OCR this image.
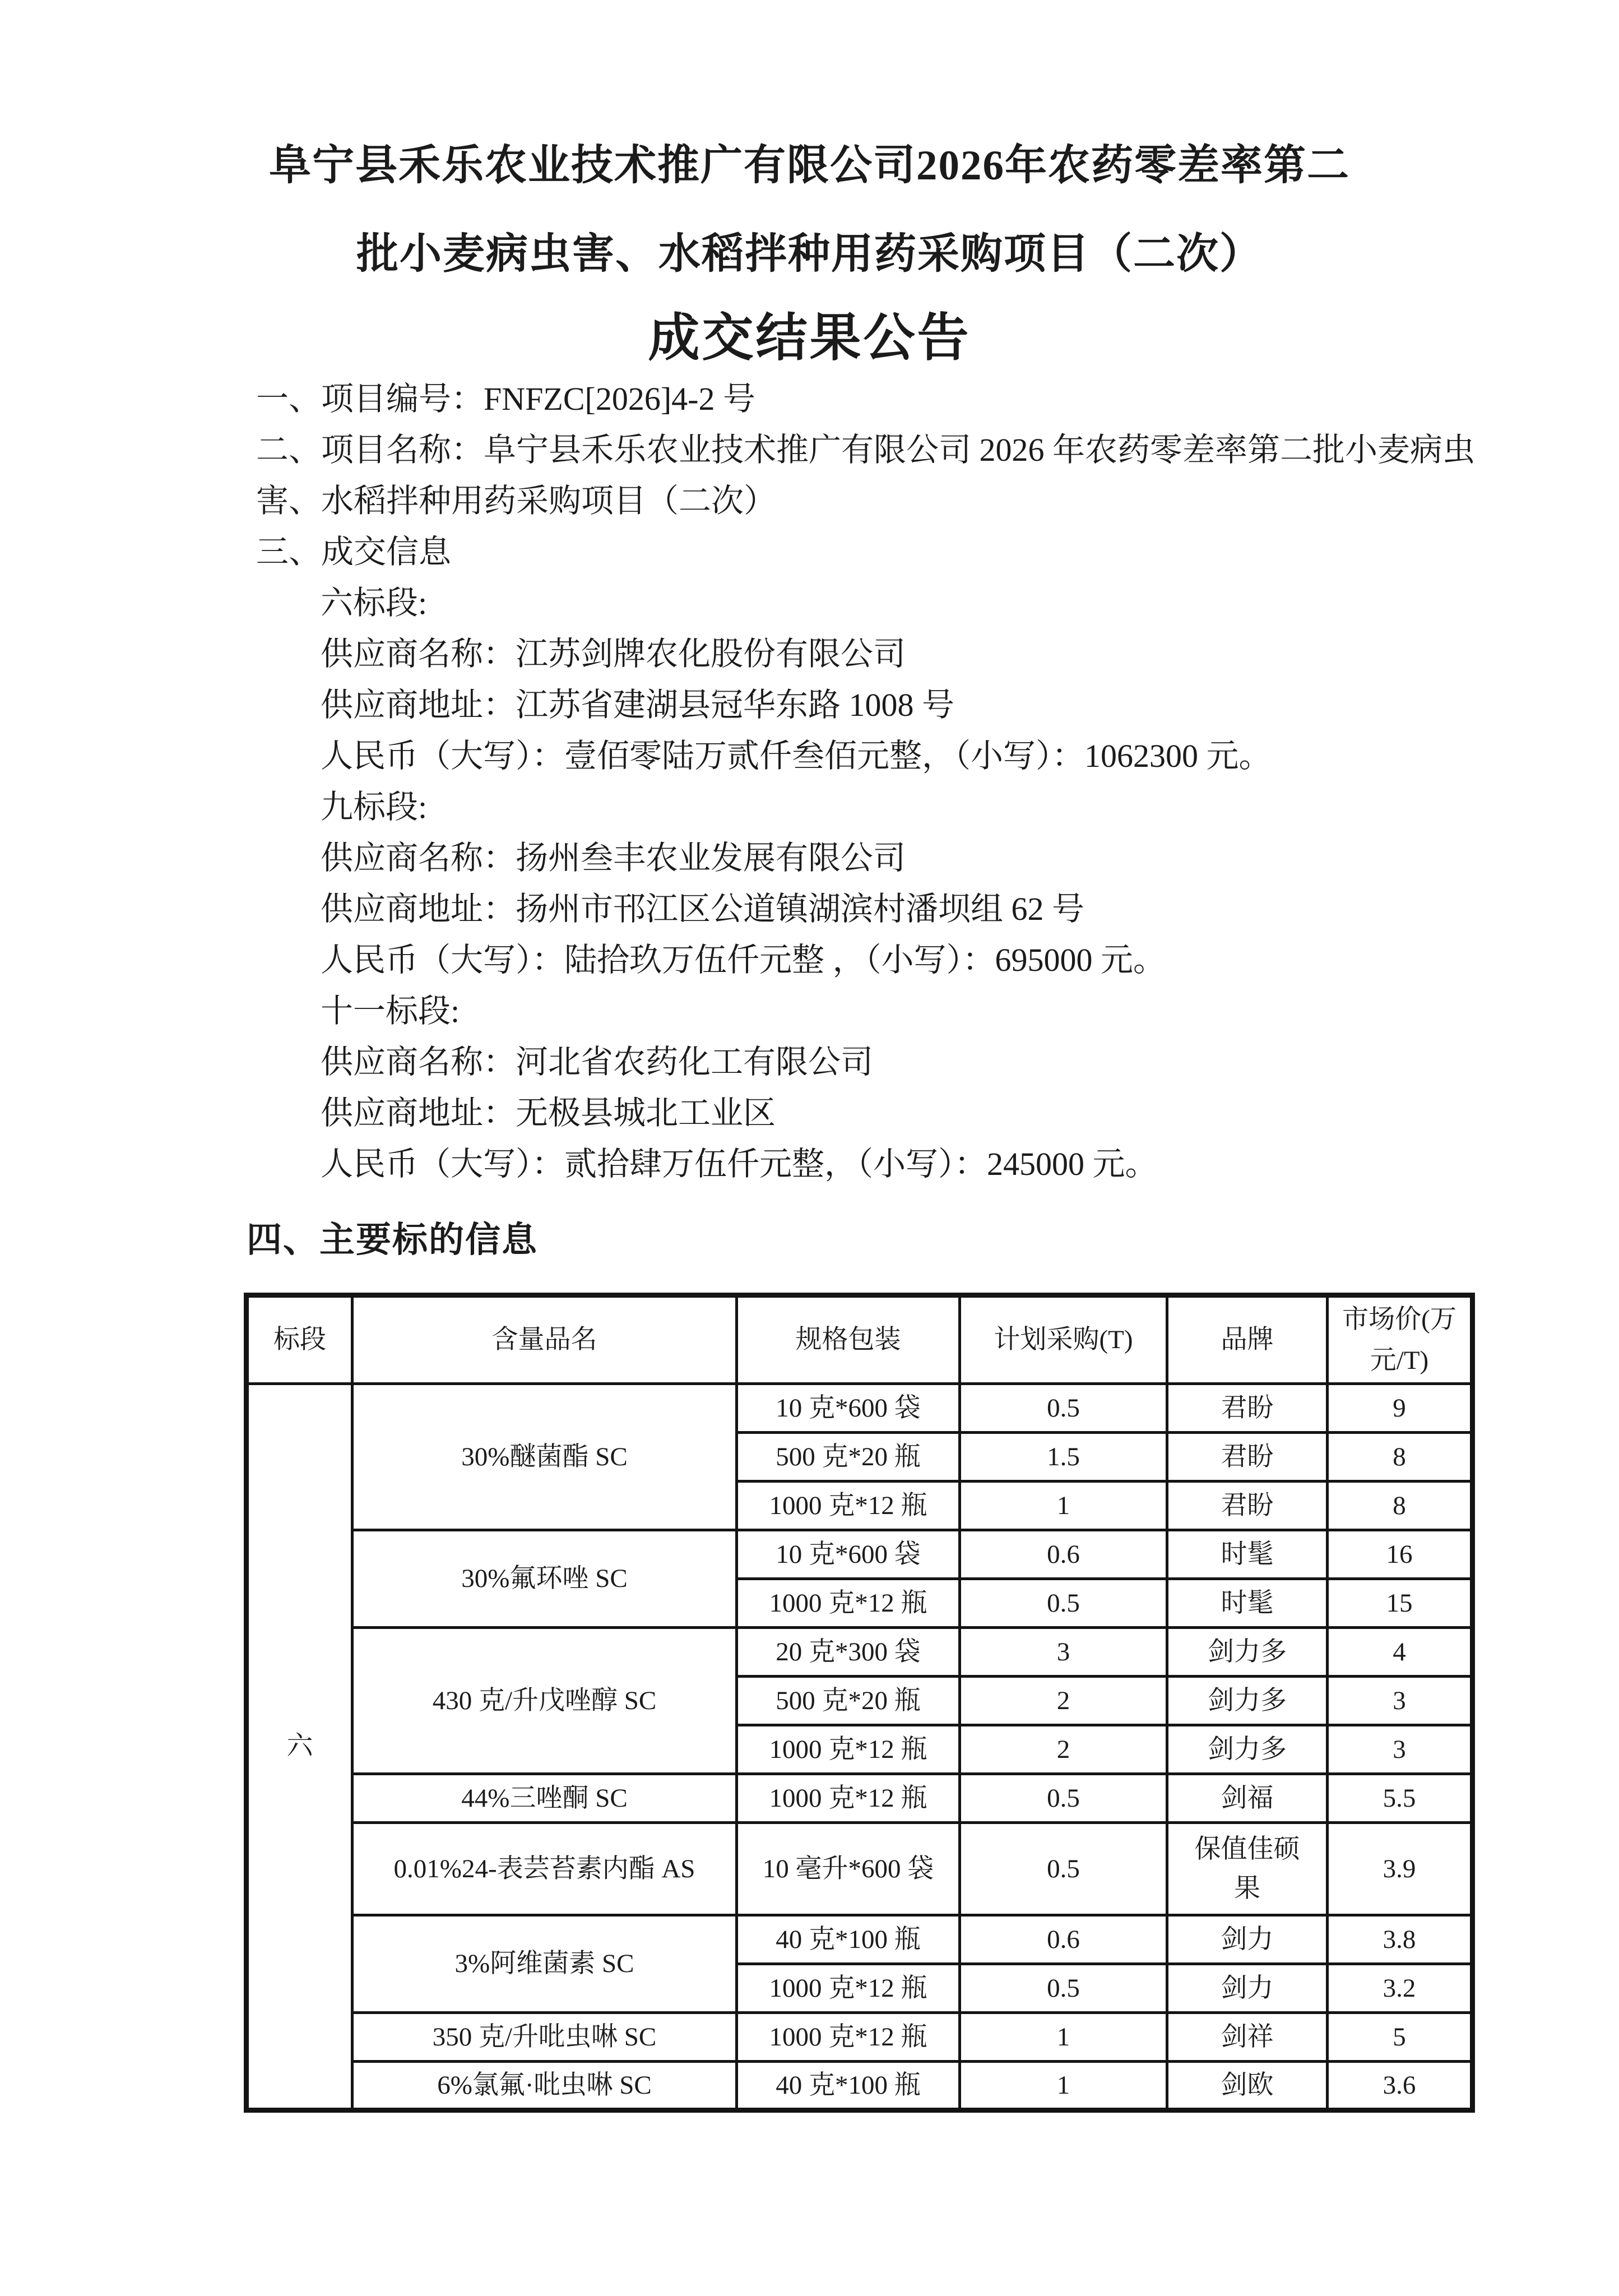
阜宁县禾乐农业技术推广有限公司2026年农药零差率第二
批小麦病虫害、水稻拌种用药采购项目（二次）
成交结果公告

一、项目编号：FNFZC[2026]4-2 号

二、项目名称：阜宁县禾乐农业技术推广有限公司 2026 年农药零差率第二批小麦病虫

害、水稻拌种用药采购项目（二次）

三、成交信息

六标段:

供应商名称：江苏剑牌农化股份有限公司

供应商地址：江苏省建湖县冠华东路 1008 号

人民币（大写）：壹佰零陆万贰仟叁佰元整，（小写）：1062300 元。

九标段:

供应商名称：扬州叁丰农业发展有限公司

供应商地址：扬州市邗江区公道镇湖滨村潘坝组 62 号

人民币（大写）：陆拾玖万伍仟元整 ，（小写）：695000 元。

十一标段:

供应商名称：河北省农药化工有限公司

供应商地址：无极县城北工业区

人民币（大写）：贰拾肆万伍仟元整，（小写）：245000 元。

四、主要标的信息
标段	含量品名	规格包装	计划采购(T)	品牌	市场价(万元/T)
六	30%醚菌酯 SC	10 克*600 袋	0.5	君盼	9
		500 克*20 瓶	1.5	君盼	8
		1000 克*12 瓶	1	君盼	8
	30%氟环唑 SC	10 克*600 袋	0.6	时髦	16
		1000 克*12 瓶	0.5	时髦	15
	430 克/升戊唑醇 SC	20 克*300 袋	3	剑力多	4
		500 克*20 瓶	2	剑力多	3
		1000 克*12 瓶	2	剑力多	3
	44%三唑酮 SC	1000 克*12 瓶	0.5	剑福	5.5
	0.01%24-表芸苔素内酯 AS	10 毫升*600 袋	0.5	保值佳硕果	3.9
	3%阿维菌素 SC	40 克*100 瓶	0.6	剑力	3.8
		1000 克*12 瓶	0.5	剑力	3.2
	350 克/升吡虫啉 SC	1000 克*12 瓶	1	剑祥	5
	6%氯氟·吡虫啉 SC	40 克*100 瓶	1	剑欧	3.6
